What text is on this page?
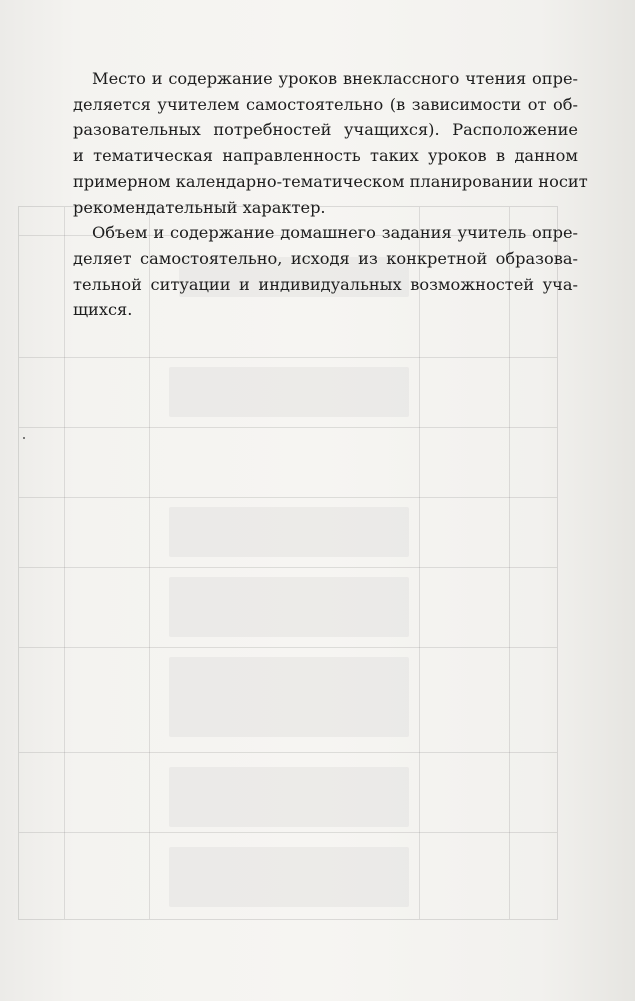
Место и содержание уроков внеклассного чтения опре-
деляется учителем самостоятельно (в зависимости от об-
разовательных потребностей учащихся). Расположение
и тематическая направленность таких уроков в данном
примерном календарно-тематическом планировании носит
рекомендательный характер.

Объем и содержание домашнего задания учитель опре-
деляет самостоятельно, исходя из конкретной образова-
тельной ситуации и индивидуальных возможностей уча-
щихся.
